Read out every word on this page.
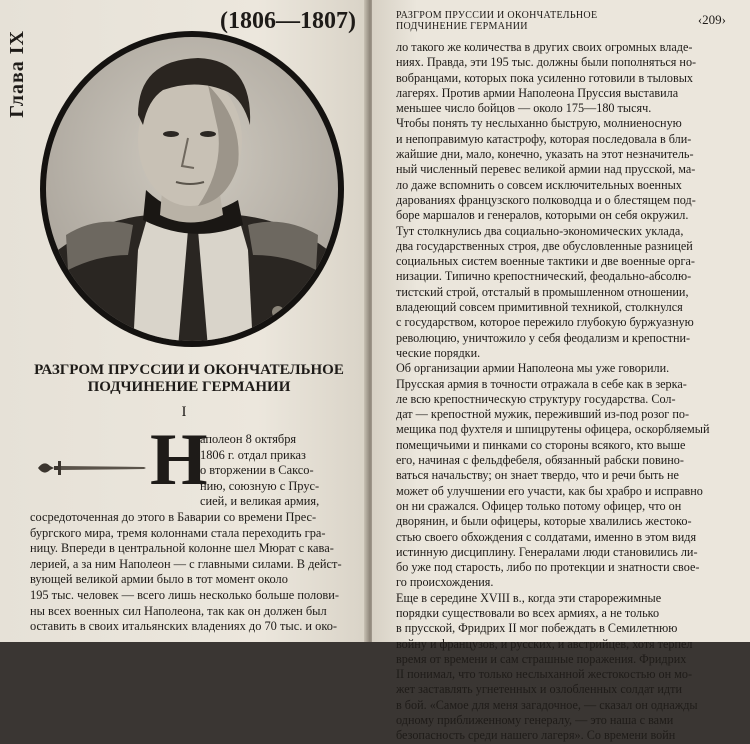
Глава IX
(1806—1807)
РАЗГРОМ ПРУССИИ И ОКОНЧАТЕЛЬНОЕ
ПОДЧИНЕНИЕ ГЕРМАНИИ
I
Н
аполеон 8 октября
1806 г. отдал приказ
о вторжении в Саксо-
нию, союзную с Прус-
сией, и великая армия,
сосредоточенная до этого в Баварии со времени Прес-
бургского мира, тремя колоннами стала переходить гра-
ницу. Впереди в центральной колонне шел Мюрат с кава-
лерией, а за ним Наполеон — с главными силами. В дейст-
вующей великой армии было в тот момент около
195 тыс. человек — всего лишь несколько больше полови-
ны всех военных сил Наполеона, так как он должен был
оставить в своих итальянских владениях до 70 тыс. и око-
РАЗГРОМ ПРУССИИ И ОКОНЧАТЕЛЬНОЕ
ПОДЧИНЕНИЕ ГЕРМАНИИ	‹209›
ло такого же количества в других своих огромных владе-
ниях. Правда, эти 195 тыс. должны были пополняться но-
вобранцами, которых пока усиленно готовили в тыловых
лагерях. Против армии Наполеона Пруссия выставила
меньшее число бойцов — около 175—180 тысяч.
Чтобы понять ту неслыханно быструю, молниеносную
и непоправимую катастрофу, которая последовала в бли-
жайшие дни, мало, конечно, указать на этот незначитель-
ный численный перевес великой армии над прусской, ма-
ло даже вспомнить о совсем исключительных военных
дарованиях французского полководца и о блестящем под-
боре маршалов и генералов, которыми он себя окружил.
Тут столкнулись два социально-экономических уклада,
два государственных строя, две обусловленные разницей
социальных систем военные тактики и две военные орга-
низации. Типично крепостнический, феодально-абсолю-
тистский строй, отсталый в промышленном отношении,
владеющий совсем примитивной техникой, столкнулся
с государством, которое пережило глубокую буржуазную
революцию, уничтожило у себя феодализм и крепостни-
ческие порядки.
Об организации армии Наполеона мы уже говорили.
Прусская армия в точности отражала в себе как в зерка-
ле всю крепостническую структуру государства. Сол-
дат — крепостной мужик, переживший из-под розог по-
мещика под фухтеля и шпицрутены офицера, оскорбляемый
помещичьими и пинками со стороны всякого, кто выше
его, начиная с фельдфебеля, обязанный рабски повино-
ваться начальству; он знает твердо, что и речи быть не
может об улучшении его участи, как бы храбро и исправно
он ни сражался. Офицер только потому офицер, что он
дворянин, и были офицеры, которые хвалились жестоко-
стью своего обхождения с солдатами, именно в этом видя
истинную дисциплину. Генералами люди становились ли-
бо уже под старость, либо по протекции и знатности свое-
го происхождения.
Еще в середине XVIII в., когда эти старорежимные
порядки существовали во всех армиях, а не только
в прусской, Фридрих II мог побеждать в Семилетнюю
войну и французов, и русских, и австрийцев, хотя терпел
время от времени и сам страшные поражения. Фридрих
II понимал, что только неслыханной жестокостью он мо-
жет заставлять угнетенных и озлобленных солдат идти
в бой. «Самое для меня загадочное, — сказал он однажды
одному приближенному генералу, — это наша с вами
безопасность среди нашего лагеря». Со времени войн
